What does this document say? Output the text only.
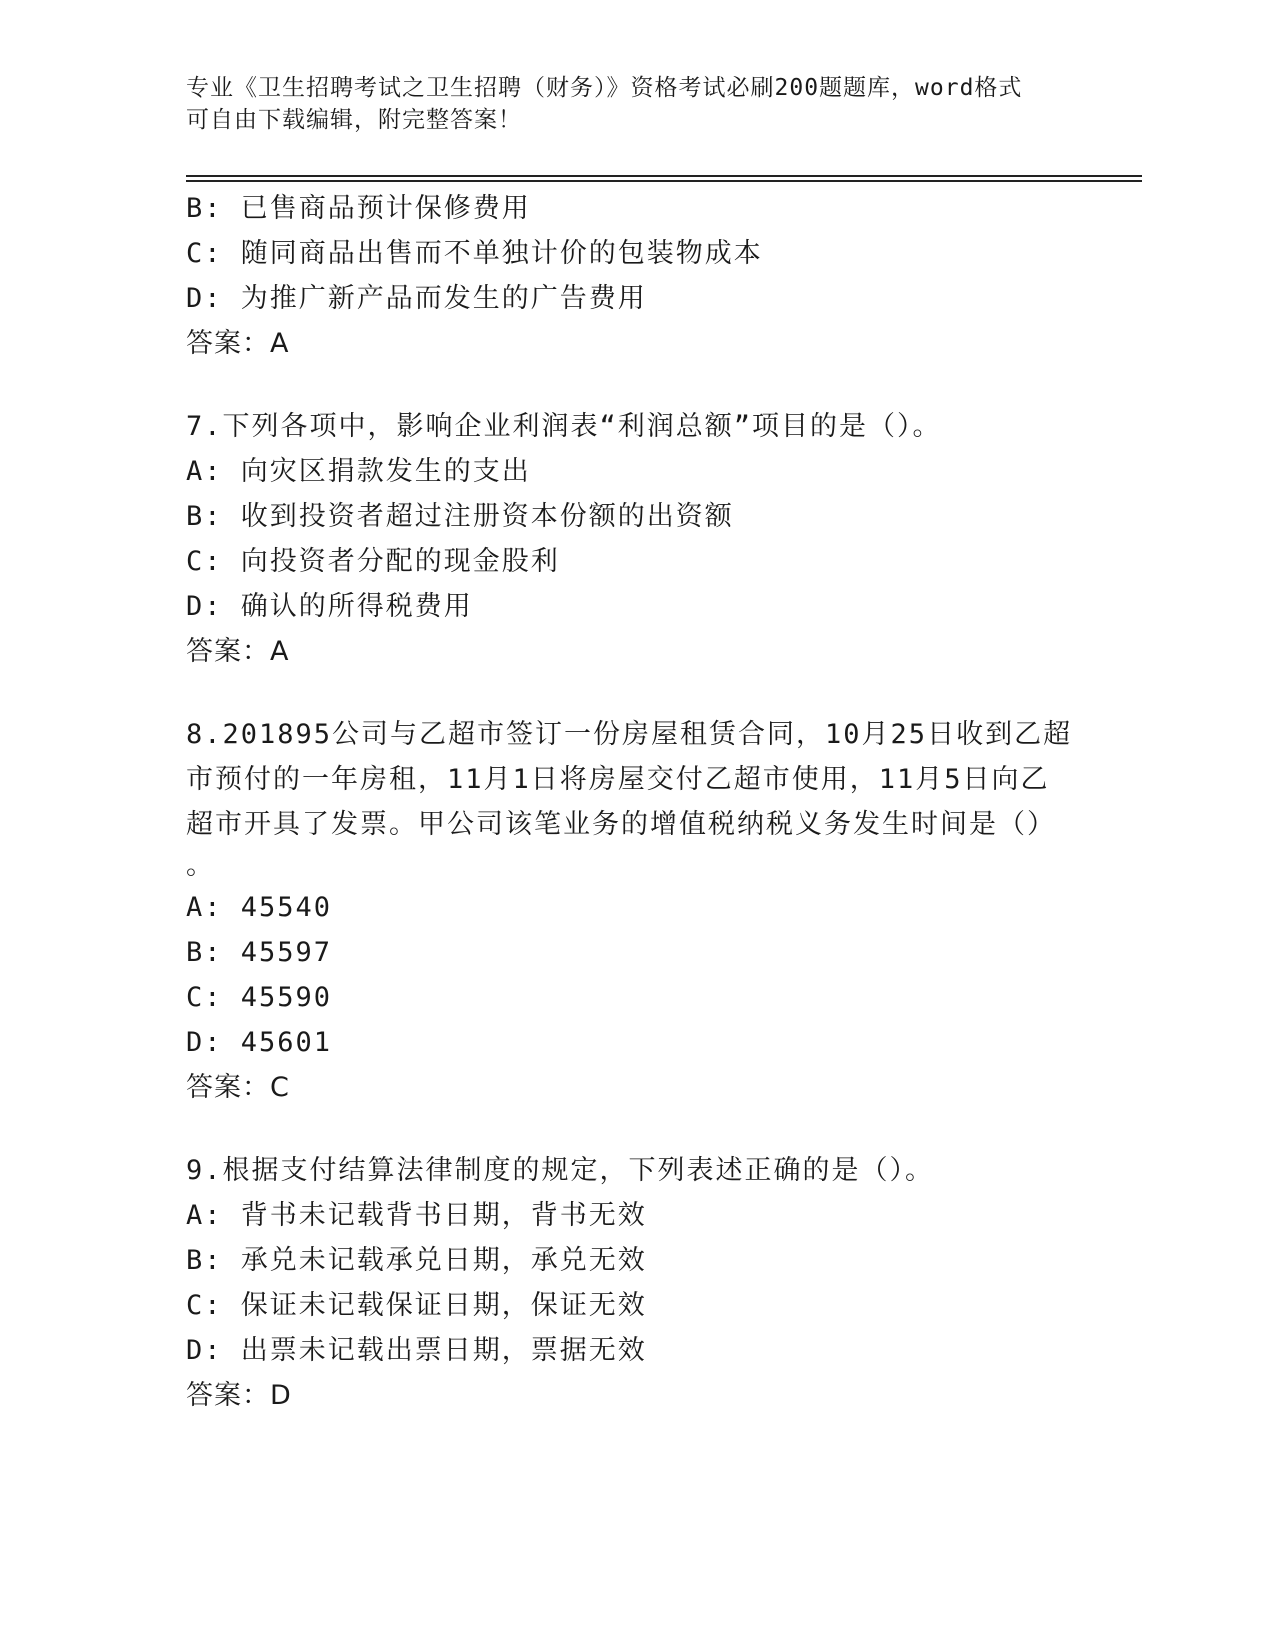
专业《卫生招聘考试之卫生招聘（财务）》资格考试必刷200题题库，word格式
可自由下载编辑，附完整答案！
B: 已售商品预计保修费用
C: 随同商品出售而不单独计价的包装物成本
D: 为推广新产品而发生的广告费用
答案：A
7.下列各项中，影响企业利润表“利润总额”项目的是（）。
A: 向灾区捐款发生的支出
B: 收到投资者超过注册资本份额的出资额
C: 向投资者分配的现金股利
D: 确认的所得税费用
答案：A
8.201895公司与乙超市签订一份房屋租赁合同，10月25日收到乙超
市预付的一年房租，11月1日将房屋交付乙超市使用，11月5日向乙
超市开具了发票。甲公司该笔业务的增值税纳税义务发生时间是（）
。
A: 45540
B: 45597
C: 45590
D: 45601
答案：C
9.根据支付结算法律制度的规定，下列表述正确的是（）。
A: 背书未记载背书日期，背书无效
B: 承兑未记载承兑日期，承兑无效
C: 保证未记载保证日期，保证无效
D: 出票未记载出票日期，票据无效
答案：D
